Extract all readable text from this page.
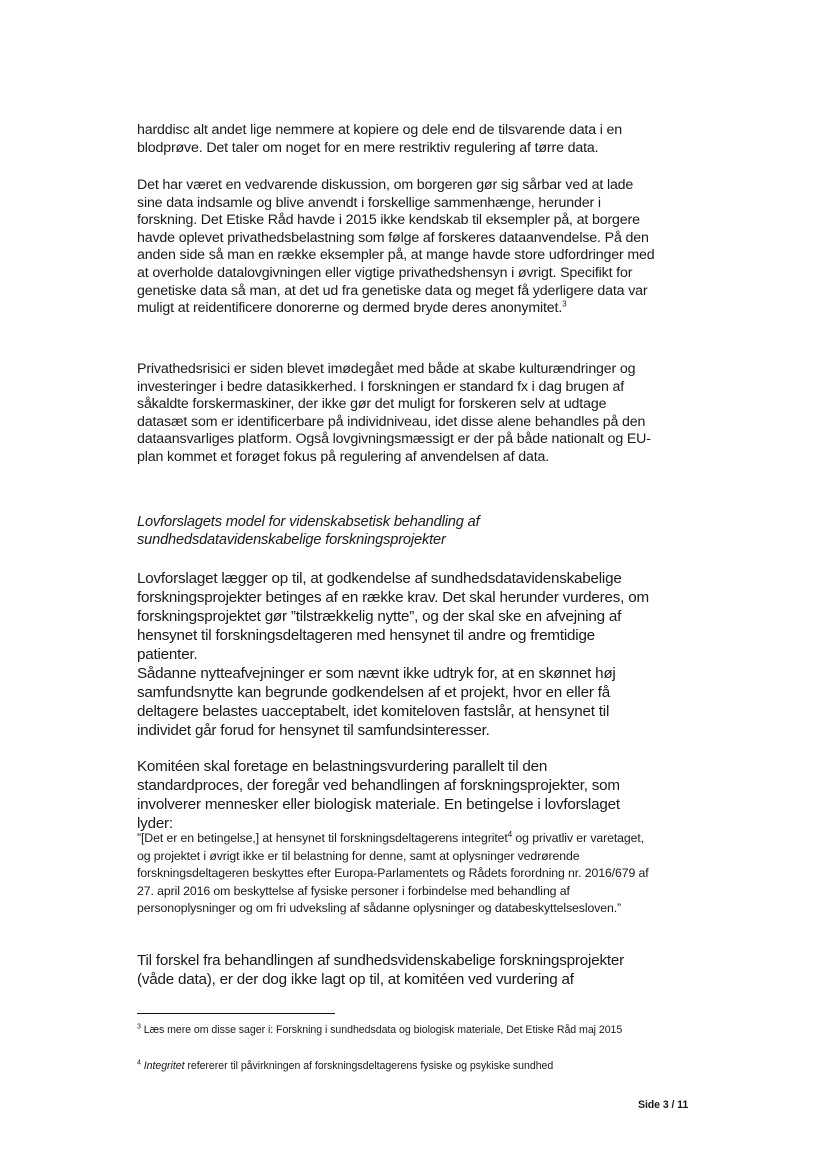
harddisc alt andet lige nemmere at kopiere og dele end de tilsvarende data i en blodprøve. Det taler om noget for en mere restriktiv regulering af tørre data.

Det har været en vedvarende diskussion, om borgeren gør sig sårbar ved at lade sine data indsamle og blive anvendt i forskellige sammenhænge, herunder i forskning. Det Etiske Råd havde i 2015 ikke kendskab til eksempler på, at borgere havde oplevet privathedsbelastning som følge af forskeres dataanvendelse. På den anden side så man en række eksempler på, at mange havde store udfordringer med at overholde datalovgivningen eller vigtige privathedshensyn i øvrigt. Specifikt for genetiske data så man, at det ud fra genetiske data og meget få yderligere data var muligt at reidentificere donorerne og dermed bryde deres anonymitet.$^3$

Privathedsrisici er siden blevet imødegået med både at skabe kulturændringer og investeringer i bedre datasikkerhed. I forskningen er standard fx i dag brugen af såkaldte forskermaskiner, der ikke gør det muligt for forskeren selv at udtage datasæt som er identificerbare på individniveau, idet disse alene behandles på den dataansvarliges platform. Også lovgivningsmæssigt er der på både nationalt og EU-plan kommet et forøget fokus på regulering af anvendelsen af data.

Lovforslagets model for videnskabsetisk behandling af sundhedsdatavidenskabelige forskningsprojekter

Lovforslaget lægger op til, at godkendelse af sundhedsdatavidenskabelige forskningsprojekter betinges af en række krav. Det skal herunder vurderes, om forskningsprojektet gør ”tilstrækkelig nytte”, og der skal ske en afvejning af hensynet til forskningsdeltageren med hensynet til andre og fremtidige patienter.

Sådanne nytteafvejninger er som nævnt ikke udtryk for, at en skønnet høj samfundsnytte kan begrunde godkendelsen af et projekt, hvor en eller få deltagere belastes uacceptabelt, idet komiteloven fastslår, at hensynet til individet går forud for hensynet til samfundsinteresser.

Komitéen skal foretage en belastningsvurdering parallelt til den standardproces, der foregår ved behandlingen af forskningsprojekter, som involverer mennesker eller biologisk materiale. En betingelse i lovforslaget lyder:

”[Det er en betingelse,] at hensynet til forskningsdeltagerens integritet$^4$ og privatliv er varetaget, og projektet i øvrigt ikke er til belastning for denne, samt at oplysninger vedrørende forskningsdeltageren beskyttes efter Europa-Parlamentets og Rådets forordning nr. 2016/679 af 27. april 2016 om beskyttelse af fysiske personer i forbindelse med behandling af personoplysninger og om fri udveksling af sådanne oplysninger og databeskyttelsesloven.”

Til forskel fra behandlingen af sundhedsvidenskabelige forskningsprojekter (våde data), er der dog ikke lagt op til, at komitéen ved vurdering af

$^3$ Læs mere om disse sager i: Forskning i sundhedsdata og biologisk materiale, Det Etiske Råd maj 2015

$^4$ Integritet refererer til påvirkningen af forskningsdeltagerens fysiske og psykiske sundhed

Side 3 / 11
